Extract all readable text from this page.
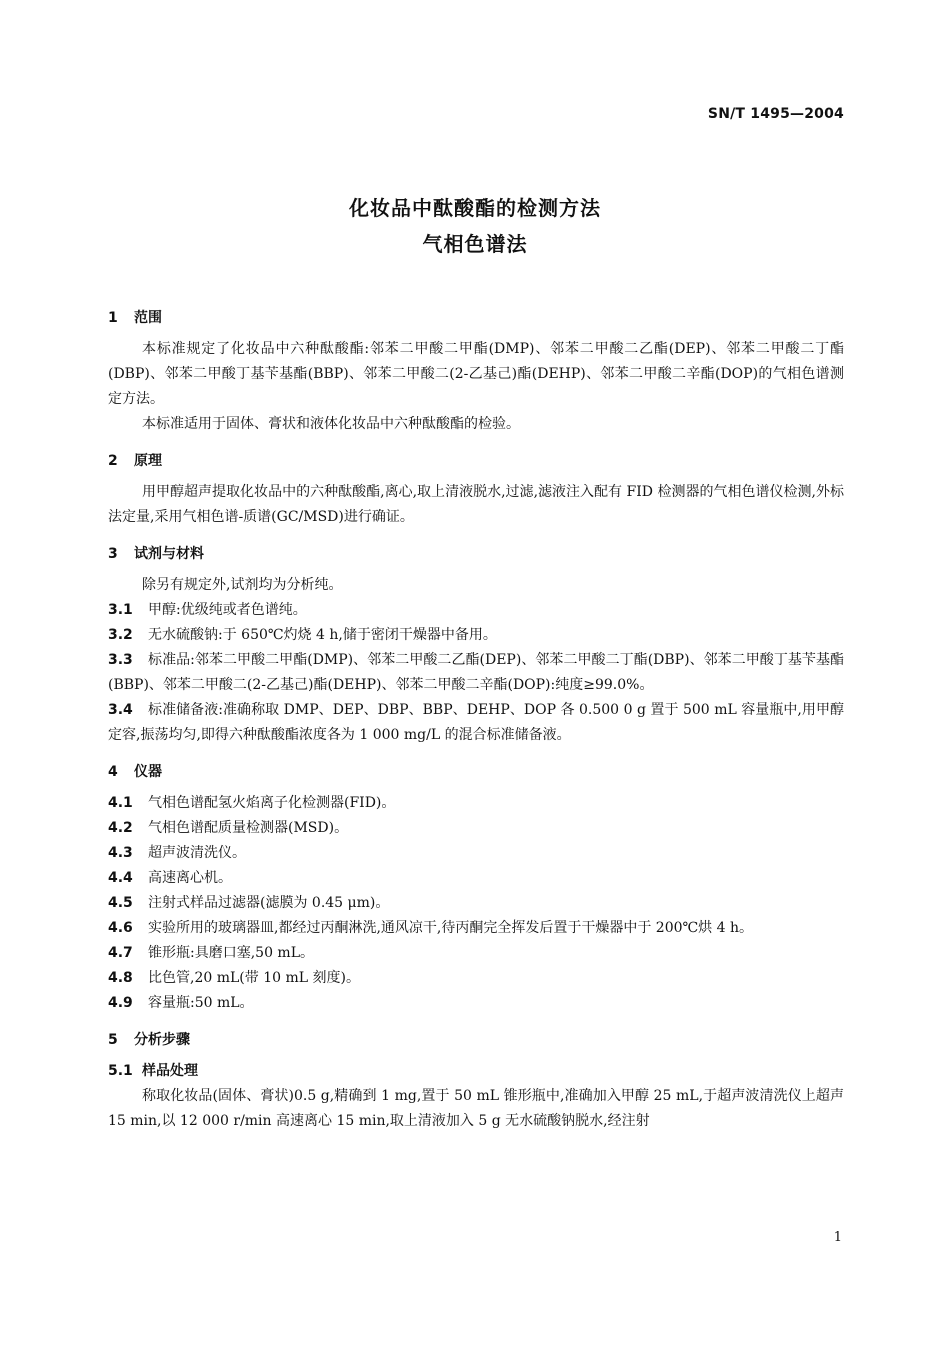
SN/T 1495—2004
化妆品中酞酸酯的检测方法
气相色谱法
1 范围
本标准规定了化妆品中六种酞酸酯:邻苯二甲酸二甲酯(DMP)、邻苯二甲酸二乙酯(DEP)、邻苯二甲酸二丁酯(DBP)、邻苯二甲酸丁基苄基酯(BBP)、邻苯二甲酸二(2-乙基己)酯(DEHP)、邻苯二甲酸二辛酯(DOP)的气相色谱测定方法。
本标准适用于固体、膏状和液体化妆品中六种酞酸酯的检验。
2 原理
用甲醇超声提取化妆品中的六种酞酸酯,离心,取上清液脱水,过滤,滤液注入配有 FID 检测器的气相色谱仪检测,外标法定量,采用气相色谱-质谱(GC/MSD)进行确证。
3 试剂与材料
除另有规定外,试剂均为分析纯。
3.1 甲醇:优级纯或者色谱纯。
3.2 无水硫酸钠:于 650℃灼烧 4 h,储于密闭干燥器中备用。
3.3 标准品:邻苯二甲酸二甲酯(DMP)、邻苯二甲酸二乙酯(DEP)、邻苯二甲酸二丁酯(DBP)、邻苯二甲酸丁基苄基酯(BBP)、邻苯二甲酸二(2-乙基己)酯(DEHP)、邻苯二甲酸二辛酯(DOP):纯度≥99.0%。
3.4 标准储备液:准确称取 DMP、DEP、DBP、BBP、DEHP、DOP 各 0.500 0 g 置于 500 mL 容量瓶中,用甲醇定容,振荡均匀,即得六种酞酸酯浓度各为 1 000 mg/L 的混合标准储备液。
4 仪器
4.1 气相色谱配氢火焰离子化检测器(FID)。
4.2 气相色谱配质量检测器(MSD)。
4.3 超声波清洗仪。
4.4 高速离心机。
4.5 注射式样品过滤器(滤膜为 0.45 μm)。
4.6 实验所用的玻璃器皿,都经过丙酮淋洗,通风凉干,待丙酮完全挥发后置于干燥器中于 200℃烘 4 h。
4.7 锥形瓶:具磨口塞,50 mL。
4.8 比色管,20 mL(带 10 mL 刻度)。
4.9 容量瓶:50 mL。
5 分析步骤
5.1 样品处理
称取化妆品(固体、膏状)0.5 g,精确到 1 mg,置于 50 mL 锥形瓶中,准确加入甲醇 25 mL,于超声波清洗仪上超声 15 min,以 12 000 r/min 高速离心 15 min,取上清液加入 5 g 无水硫酸钠脱水,经注射
1
